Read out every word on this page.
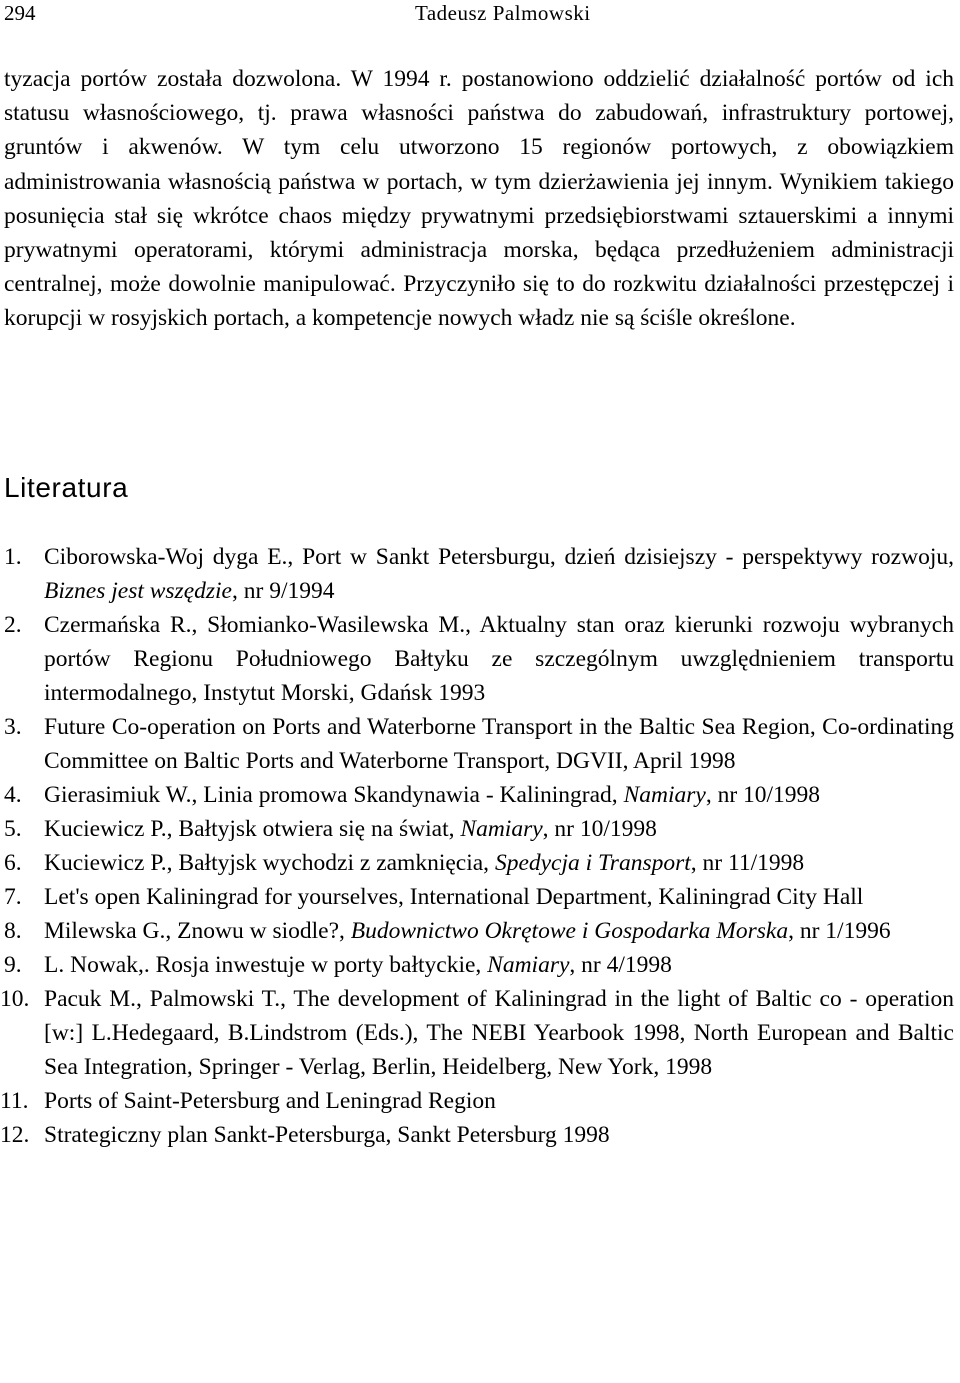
294	Tadeusz Palmowski

tyzacja portów została dozwolona. W 1994 r. postanowiono oddzielić działalność portów od ich statusu własnościowego, tj. prawa własności państwa do zabudowań, infrastruktury portowej, gruntów i akwenów. W tym celu utworzono 15 regionów portowych, z obowiązkiem administrowania własnością państwa w portach, w tym dzierżawienia jej innym. Wynikiem takiego posunięcia stał się wkrótce chaos między prywatnymi przedsiębiorstwami sztauerskimi a innymi prywatnymi operatorami, którymi administracja morska, będąca przedłużeniem administracji centralnej, może dowolnie manipulować. Przyczyniło się to do rozkwitu działalności przestępczej i korupcji w rosyjskich portach, a kompetencje nowych władz nie są ściśle określone.

Literatura
1. Ciborowska-Woj dyga E., Port w Sankt Petersburgu, dzień dzisiejszy - perspektywy rozwoju, Biznes jest wszędzie, nr 9/1994
2. Czermańska R., Słomianko-Wasilewska M., Aktualny stan oraz kierunki rozwoju wybranych portów Regionu Południowego Bałtyku ze szczególnym uwzględnieniem transportu intermodalnego, Instytut Morski, Gdańsk 1993
3. Future Co-operation on Ports and Waterborne Transport in the Baltic Sea Region, Co-ordinating Committee on Baltic Ports and Waterborne Transport, DGVII, April 1998
4. Gierasimiuk W., Linia promowa Skandynawia - Kaliningrad, Namiary, nr 10/1998
5. Kuciewicz P., Bałtyjsk otwiera się na świat, Namiary, nr 10/1998
6. Kuciewicz P., Bałtyjsk wychodzi z zamknięcia, Spedycja i Transport, nr 11/1998
7. Let's open Kaliningrad for yourselves, International Department, Kaliningrad City Hall
8. Milewska G., Znowu w siodle?, Budownictwo Okrętowe i Gospodarka Morska, nr 1/1996
9. L. Nowak,. Rosja inwestuje w porty bałtyckie, Namiary, nr 4/1998
10. Pacuk M., Palmowski T., The development of Kaliningrad in the light of Baltic co - operation [w:] L.Hedegaard, B.Lindstrom (Eds.), The NEBI Yearbook 1998, North European and Baltic Sea Integration, Springer - Verlag, Berlin, Heidelberg, New York, 1998
11. Ports of Saint-Petersburg and Leningrad Region
12. Strategiczny plan Sankt-Petersburga, Sankt Petersburg 1998
